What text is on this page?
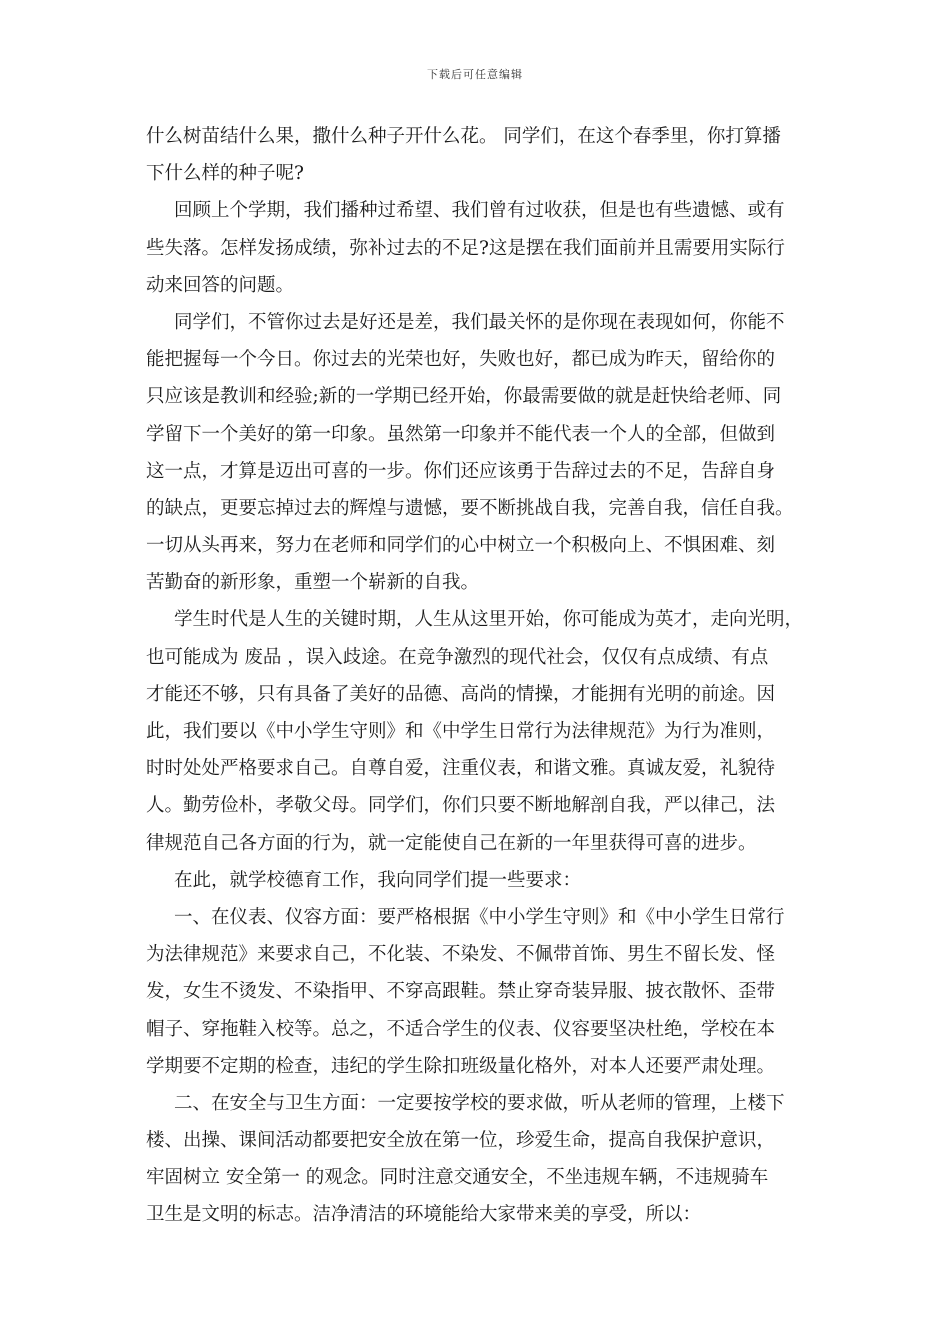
下载后可任意编辑
什么树苗结什么果，撒什么种子开什么花。 同学们，在这个春季里，你打算播
下什么样的种子呢?
回顾上个学期，我们播种过希望、我们曾有过收获，但是也有些遗憾、或有
些失落。怎样发扬成绩，弥补过去的不足?这是摆在我们面前并且需要用实际行
动来回答的问题。
同学们，不管你过去是好还是差，我们最关怀的是你现在表现如何，你能不
能把握每一个今日。你过去的光荣也好，失败也好，都已成为昨天，留给你的
只应该是教训和经验;新的一学期已经开始，你最需要做的就是赶快给老师、同
学留下一个美好的第一印象。虽然第一印象并不能代表一个人的全部，但做到
这一点，才算是迈出可喜的一步。你们还应该勇于告辞过去的不足，告辞自身
的缺点，更要忘掉过去的辉煌与遗憾，要不断挑战自我，完善自我，信任自我。
一切从头再来，努力在老师和同学们的心中树立一个积极向上、不惧困难、刻
苦勤奋的新形象，重塑一个崭新的自我。
学生时代是人生的关键时期，人生从这里开始，你可能成为英才，走向光明，
也可能成为 废品 ，误入歧途。在竞争激烈的现代社会，仅仅有点成绩、有点
才能还不够，只有具备了美好的品德、高尚的情操，才能拥有光明的前途。因
此，我们要以《中小学生守则》和《中学生日常行为法律规范》为行为准则，
时时处处严格要求自己。自尊自爱，注重仪表，和谐文雅。真诚友爱，礼貌待
人。勤劳俭朴，孝敬父母。同学们，你们只要不断地解剖自我，严以律己，法
律规范自己各方面的行为，就一定能使自己在新的一年里获得可喜的进步。
在此，就学校德育工作，我向同学们提一些要求：
一、在仪表、仪容方面：要严格根据《中小学生守则》和《中小学生日常行
为法律规范》来要求自己，不化装、不染发、不佩带首饰、男生不留长发、怪
发，女生不烫发、不染指甲、不穿高跟鞋。禁止穿奇装异服、披衣散怀、歪带
帽子、穿拖鞋入校等。总之，不适合学生的仪表、仪容要坚决杜绝，学校在本
学期要不定期的检查，违纪的学生除扣班级量化格外，对本人还要严肃处理。
二、在安全与卫生方面：一定要按学校的要求做，听从老师的管理，上楼下
楼、出操、课间活动都要把安全放在第一位，珍爱生命，提高自我保护意识，
牢固树立 安全第一 的观念。同时注意交通安全，不坐违规车辆，不违规骑车
卫生是文明的标志。洁净清洁的环境能给大家带来美的享受，所以：
